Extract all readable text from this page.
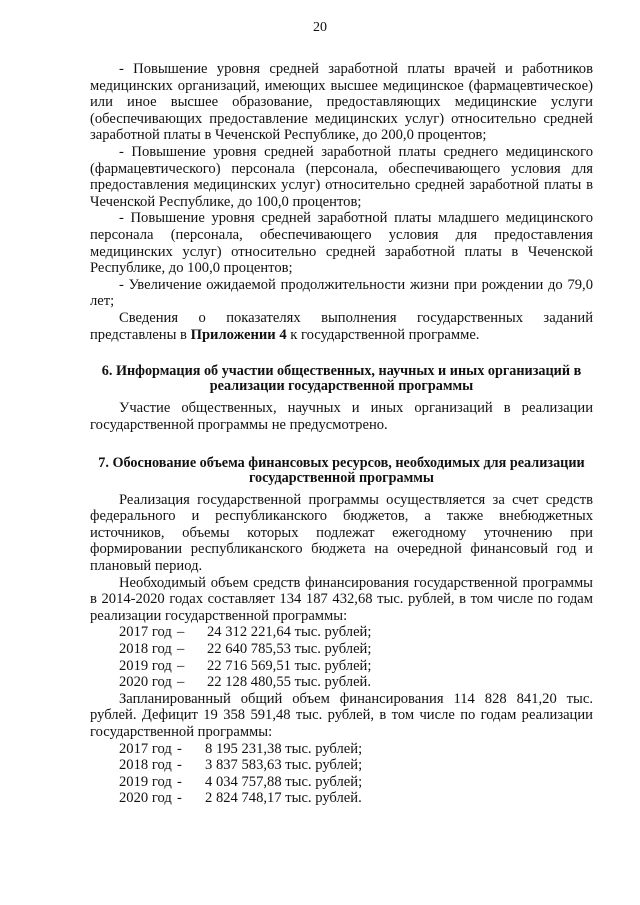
20

- Повышение уровня средней заработной платы врачей и работников медицинских организаций, имеющих высшее медицинское (фармацевтическое) или иное высшее образование, предоставляющих медицинские услуги (обеспечивающих предоставление медицинских услуг) относительно средней заработной платы в Чеченской Республике, до 200,0 процентов;

- Повышение уровня средней заработной платы среднего медицинского (фармацевтического) персонала (персонала, обеспечивающего условия для предоставления медицинских услуг) относительно средней заработной платы в Чеченской Республике, до 100,0 процентов;

- Повышение уровня средней заработной платы младшего медицинского персонала (персонала, обеспечивающего условия для предоставления медицинских услуг) относительно средней заработной платы в Чеченской Республике, до 100,0 процентов;

- Увеличение ожидаемой продолжительности жизни при рождении до 79,0 лет;

Сведения о показателях выполнения государственных заданий представлены в Приложении 4 к государственной программе.

6. Информация об участии общественных, научных и иных организаций в реализации государственной программы

Участие общественных, научных и иных организаций в реализации государственной программы не предусмотрено.

7. Обоснование объема финансовых ресурсов, необходимых для реализации государственной программы

Реализация государственной программы осуществляется за счет средств федерального и республиканского бюджетов, а также внебюджетных источников, объемы которых подлежат ежегодному уточнению при формировании республиканского бюджета на очередной финансовый год и плановый период.

Необходимый объем средств финансирования государственной программы в 2014-2020 годах составляет 134 187 432,68 тыс. рублей, в том числе по годам реализации государственной программы:

2017 год –	24 312 221,64 тыс. рублей;
2018 год –	22 640 785,53 тыс. рублей;
2019 год –	22 716 569,51 тыс. рублей;
2020 год –	22 128 480,55 тыс. рублей.

Запланированный общий объем финансирования 114 828 841,20 тыс. рублей. Дефицит 19 358 591,48 тыс. рублей, в том числе по годам реализации государственной программы:

2017 год -	8 195 231,38 тыс. рублей;
2018 год -	3 837 583,63 тыс. рублей;
2019 год -	4 034 757,88 тыс. рублей;
2020 год -	2 824 748,17 тыс. рублей.
